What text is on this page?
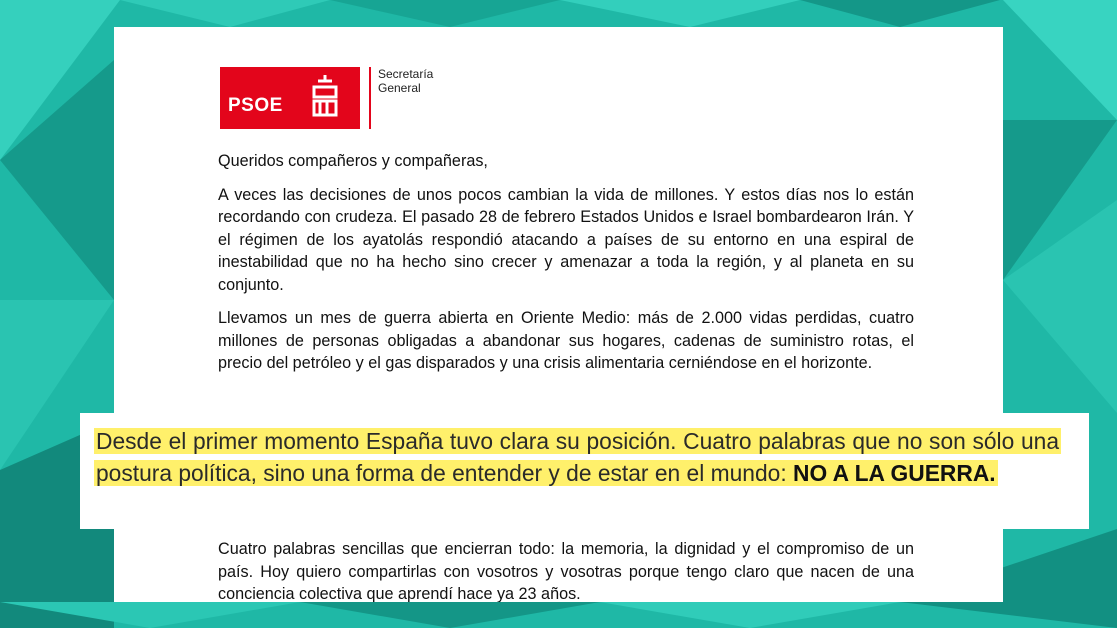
PSOE
Secretaría
General

Queridos compañeros y compañeras,

A veces las decisiones de unos pocos cambian la vida de millones. Y estos días nos lo están recordando con crudeza. El pasado 28 de febrero Estados Unidos e Israel bombardearon Irán. Y el régimen de los ayatolás respondió atacando a países de su entorno en una espiral de inestabilidad que no ha hecho sino crecer y amenazar a toda la región, y al planeta en su conjunto.

Llevamos un mes de guerra abierta en Oriente Medio: más de 2.000 vidas perdidas, cuatro millones de personas obligadas a abandonar sus hogares, cadenas de suministro rotas, el precio del petróleo y el gas disparados y una crisis alimentaria cerniéndose en el horizonte.

Cuatro palabras sencillas que encierran todo: la memoria, la dignidad y el compromiso de un país. Hoy quiero compartirlas con vosotros y vosotras porque tengo claro que nacen de una conciencia colectiva que aprendí hace ya 23 años.

Desde el primer momento España tuvo clara su posición. Cuatro palabras que no son sólo una postura política, sino una forma de entender y de estar en el mundo: NO A LA GUERRA.
